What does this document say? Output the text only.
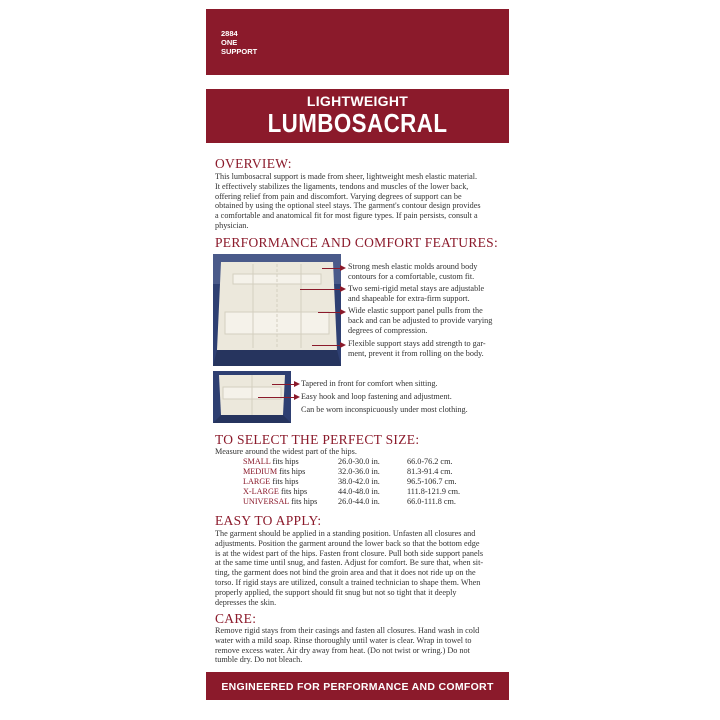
2884
ONE
SUPPORT
LIGHTWEIGHT
LUMBOSACRAL SUPPORT
OVERVIEW:
This lumbosacral support is made from sheer, lightweight mesh elastic material.
It effectively stabilizes the ligaments, tendons and muscles of the lower back,
offering relief from pain and discomfort. Varying degrees of support can be
obtained by using the optional steel stays. The garment's contour design provides
a comfortable and anatomical fit for most figure types. If pain persists, consult a
physician.
PERFORMANCE AND COMFORT FEATURES:
Strong mesh elastic molds around body
contours for a comfortable, custom fit.
Two semi-rigid metal stays are adjustable
and shapeable for extra-firm support.
Wide elastic support panel pulls from the
back and can be adjusted to provide varying
degrees of compression.
Flexible support stays add strength to gar-
ment, prevent it from rolling on the body.
Tapered in front for comfort when sitting.
Easy hook and loop fastening and adjustment.
Can be worn inconspicuously under most clothing.
TO SELECT THE PERFECT SIZE:
Measure around the widest part of the hips.
SMALL fits hips	26.0-30.0 in.	66.0-76.2 cm.
MEDIUM fits hips	32.0-36.0 in.	81.3-91.4 cm.
LARGE fits hips	38.0-42.0 in.	96.5-106.7 cm.
X-LARGE fits hips	44.0-48.0 in.	111.8-121.9 cm.
UNIVERSAL fits hips	26.0-44.0 in.	66.0-111.8 cm.
EASY TO APPLY:
The garment should be applied in a standing position. Unfasten all closures and
adjustments. Position the garment around the lower back so that the bottom edge
is at the widest part of the hips. Fasten front closure. Pull both side support panels
at the same time until snug, and fasten. Adjust for comfort. Be sure that, when sit-
ting, the garment does not bind the groin area and that it does not ride up on the
torso. If rigid stays are utilized, consult a trained technician to shape them. When
properly applied, the support should fit snug but not so tight that it deeply
depresses the skin.
CARE:
Remove rigid stays from their casings and fasten all closures. Hand wash in cold
water with a mild soap. Rinse thoroughly until water is clear. Wrap in towel to
remove excess water. Air dry away from heat. (Do not twist or wring.) Do not
tumble dry. Do not bleach.
ENGINEERED FOR PERFORMANCE AND COMFORT
